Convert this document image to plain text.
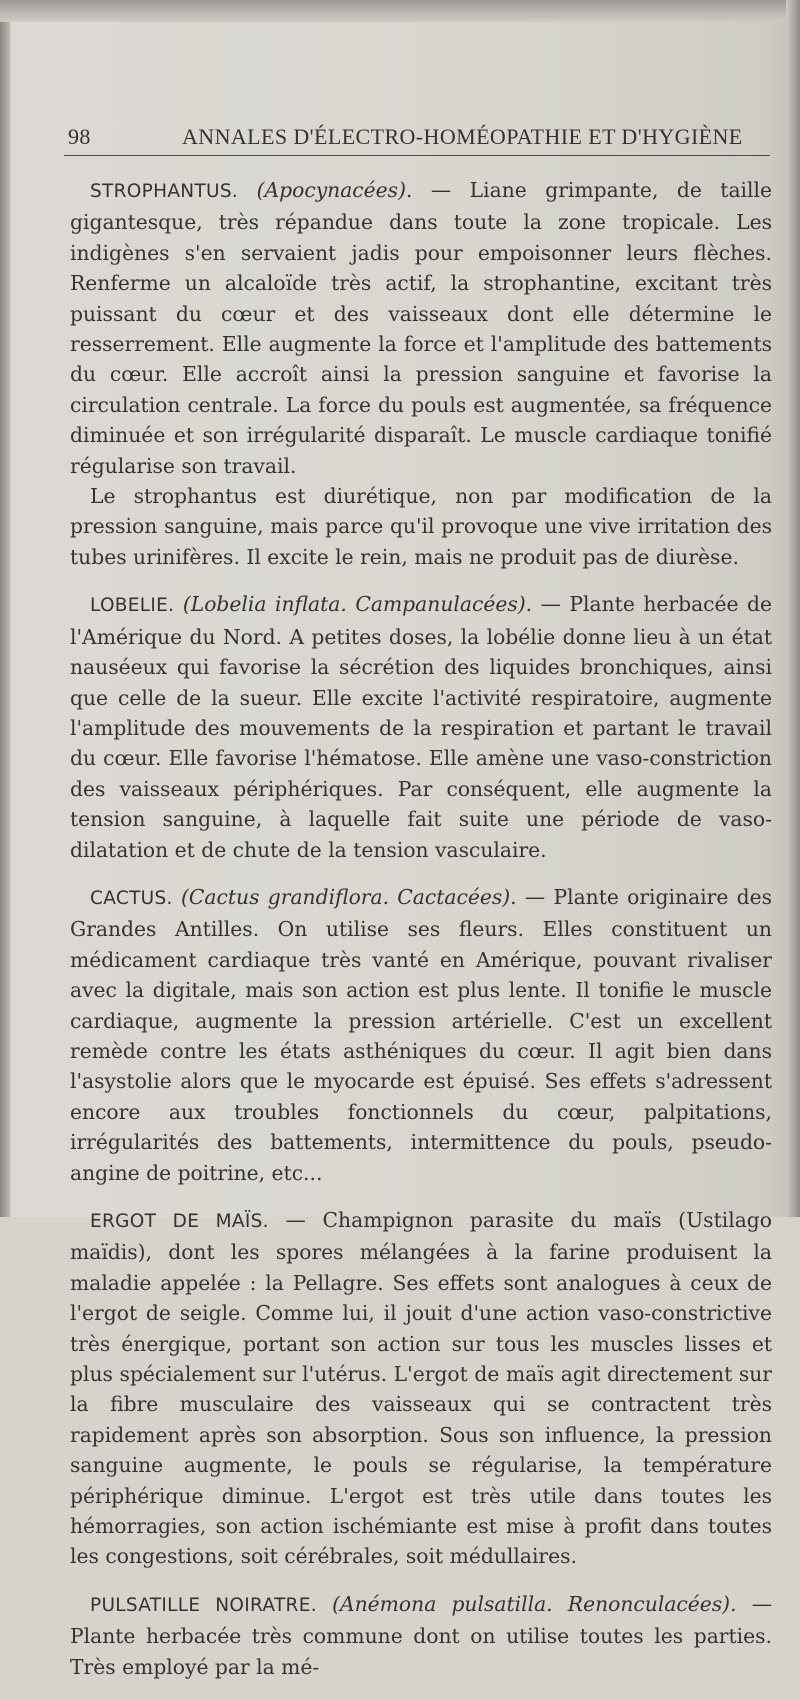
98	ANNALES D'ÉLECTRO-HOMÉOPATHIE ET D'HYGIÈNE

STROPHANTUS. (Apocynacées). — Liane grimpante, de taille gigantesque, très répandue dans toute la zone tropicale. Les indigènes s'en servaient jadis pour empoisonner leurs flèches. Renferme un alcaloïde très actif, la strophantine, excitant très puissant du cœur et des vaisseaux dont elle détermine le resserrement. Elle augmente la force et l'amplitude des battements du cœur. Elle accroît ainsi la pression sanguine et favorise la circulation centrale. La force du pouls est augmentée, sa fréquence diminuée et son irrégularité disparaît. Le muscle cardiaque tonifié régularise son travail.

Le strophantus est diurétique, non par modification de la pression sanguine, mais parce qu'il provoque une vive irritation des tubes urinifères. Il excite le rein, mais ne produit pas de diurèse.

LOBELIE. (Lobelia inflata. Campanulacées). — Plante herbacée de l'Amérique du Nord. A petites doses, la lobélie donne lieu à un état nauséeux qui favorise la sécrétion des liquides bronchiques, ainsi que celle de la sueur. Elle excite l'activité respiratoire, augmente l'amplitude des mouvements de la respiration et partant le travail du cœur. Elle favorise l'hématose. Elle amène une vaso-constriction des vaisseaux périphériques. Par conséquent, elle augmente la tension sanguine, à laquelle fait suite une période de vaso-dilatation et de chute de la tension vasculaire.

CACTUS. (Cactus grandiflora. Cactacées). — Plante originaire des Grandes Antilles. On utilise ses fleurs. Elles constituent un médicament cardiaque très vanté en Amérique, pouvant rivaliser avec la digitale, mais son action est plus lente. Il tonifie le muscle cardiaque, augmente la pression artérielle. C'est un excellent remède contre les états asthéniques du cœur. Il agit bien dans l'asystolie alors que le myocarde est épuisé. Ses effets s'adressent encore aux troubles fonctionnels du cœur, palpitations, irrégularités des battements, intermittence du pouls, pseudo-angine de poitrine, etc...

ERGOT DE MAÏS. — Champignon parasite du maïs (Ustilago maïdis), dont les spores mélangées à la farine produisent la maladie appelée : la Pellagre. Ses effets sont analogues à ceux de l'ergot de seigle. Comme lui, il jouit d'une action vaso-constrictive très énergique, portant son action sur tous les muscles lisses et plus spécialement sur l'utérus. L'ergot de maïs agit directement sur la fibre musculaire des vaisseaux qui se contractent très rapidement après son absorption. Sous son influence, la pression sanguine augmente, le pouls se régularise, la température périphérique diminue. L'ergot est très utile dans toutes les hémorragies, son action ischémiante est mise à profit dans toutes les congestions, soit cérébrales, soit médullaires.

PULSATILLE NOIRATRE. (Anémona pulsatilla. Renonculacées). — Plante herbacée très commune dont on utilise toutes les parties. Très employé par la mé-
